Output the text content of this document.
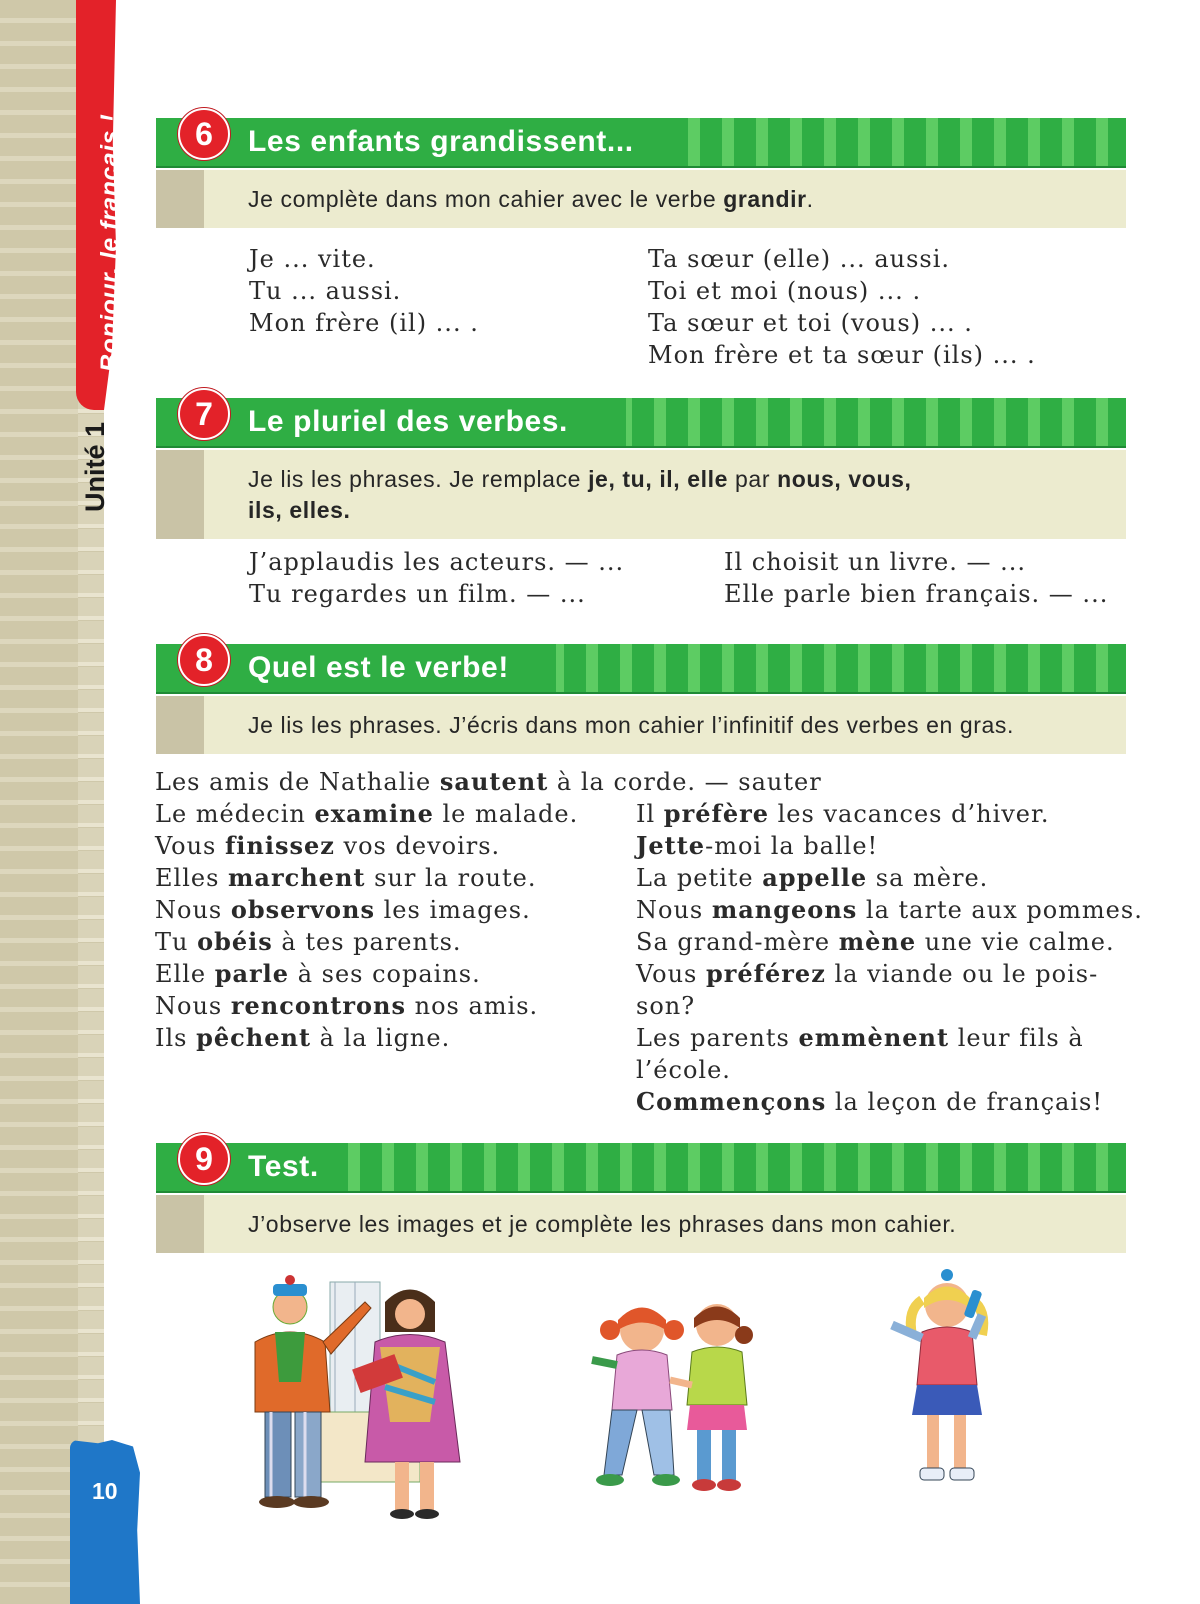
Bonjour, le français !
Unité 1
10
Les enfants grandissent...
6
Je complète dans mon cahier avec le verbe grandir.
Je ... vite.
Tu ... aussi.
Mon frère (il) ... .
Ta sœur (elle) ... aussi.
Toi et moi (nous) ... .
Ta sœur et toi (vous) ... .
Mon frère et ta sœur (ils) ... .
Le pluriel des verbes.
7
Je lis les phrases. Je remplace je, tu, il, elle par nous, vous,
ils, elles.
J’applaudis les acteurs. — ...
Tu regardes un film. — ...
Il choisit un livre. — ...
Elle parle bien français. — ...
Quel est le verbe!
8
Je lis les phrases. J’écris dans mon cahier l’infinitif des verbes en gras.
Les amis de Nathalie sautent à la corde. — sauter
Le médecin examine le malade.
Vous finissez vos devoirs.
Elles marchent sur la route.
Nous observons les images.
Tu obéis à tes parents.
Elle parle à ses copains.
Nous rencontrons nos amis.
Ils pêchent à la ligne.
Il préfère les vacances d’hiver.
Jette-moi la balle!
La petite appelle sa mère.
Nous mangeons la tarte aux pommes.
Sa grand-mère mène une vie calme.
Vous préférez la viande ou le pois-
son?
Les parents emmènent leur fils à
l’école.
Commençons la leçon de français!
Test.
9
J’observe les images et je complète les phrases dans mon cahier.
